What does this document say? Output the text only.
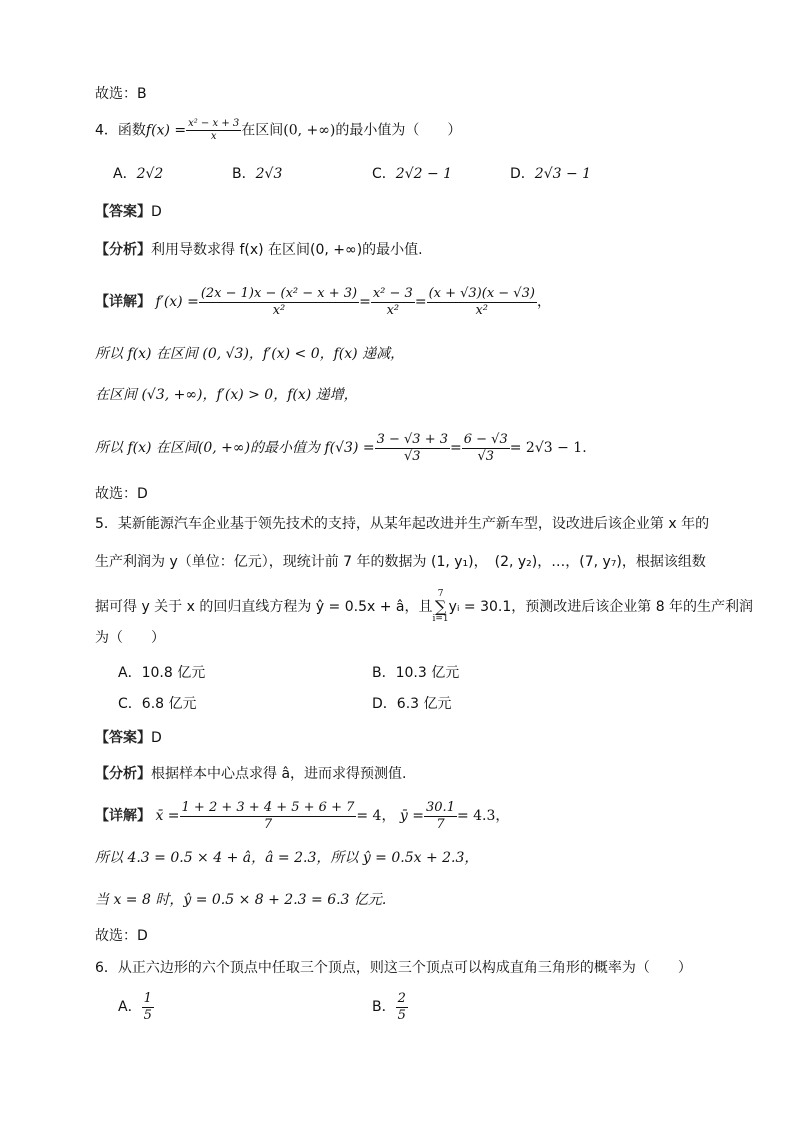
故选：B
4．函数$f(x) = \frac{\text{x² − x + 3}}{x}$ 在区间(0, +∞)的最小值为（　　）
A．2√2	B．2√3	C．2√2 − 1	D．2√3 − 1
【答案】D
【分析】利用导数求得 f(x) 在区间(0, +∞)的最小值.
【详解】 $f'(x) = \frac{\text{(2x − 1)x − (x² − x + 3)}}{\text{x²}} = \frac{\text{x² − 3}}{\text{x²}} = \frac{(x + √3)(x - √3)}{\text{x²}}$ ，
所以 f(x) 在区间 (0, √3)，f′(x) < 0，f(x) 递减，
在区间 (√3, +∞)，f′(x) > 0，f(x) 递增，
所以 f(x) 在区间(0, +∞)的最小值为 $f(√3) = \frac{3 - √3 + 3}{√3} = \frac{6 - √3}{√3} = 2√3 - 1$.
故选：D
5．某新能源汽车企业基于领先技术的支持，从某年起改进并生产新车型，设改进后该企业第 x 年的
生产利润为 y（单位：亿元），现统计前 7 年的数据为 (1, y₁)，　(2, y₂)，…，(7, y₇)，根据该组数
据可得 y 关于 x 的回归直线方程为 ŷ = 0.5x + â，且7
∑
i=1yᵢ = 30.1，预测改进后该企业第 8 年的生产利润
为（　　）
A．10.8 亿元	B．10.3 亿元
C．6.8 亿元	D．6.3 亿元
【答案】D
【分析】根据样本中心点求得 â，进而求得预测值.
【详解】 x̄ = $\frac{1 + 2 + 3 + 4 + 5 + 6 + 7}{7} = 4$， ȳ = $\frac{30.1}{7} = 4.3$，
所以 4.3 = 0.5 × 4 + â，â = 2.3，所以 ŷ = 0.5x + 2.3，
当 x = 8 时，ŷ = 0.5 × 8 + 2.3 = 6.3 亿元.
故选：D
6．从正六边形的六个顶点中任取三个顶点，则这三个顶点可以构成直角三角形的概率为（　　）
A． $\frac{1}{5}$	B． $\frac{2}{5}$
